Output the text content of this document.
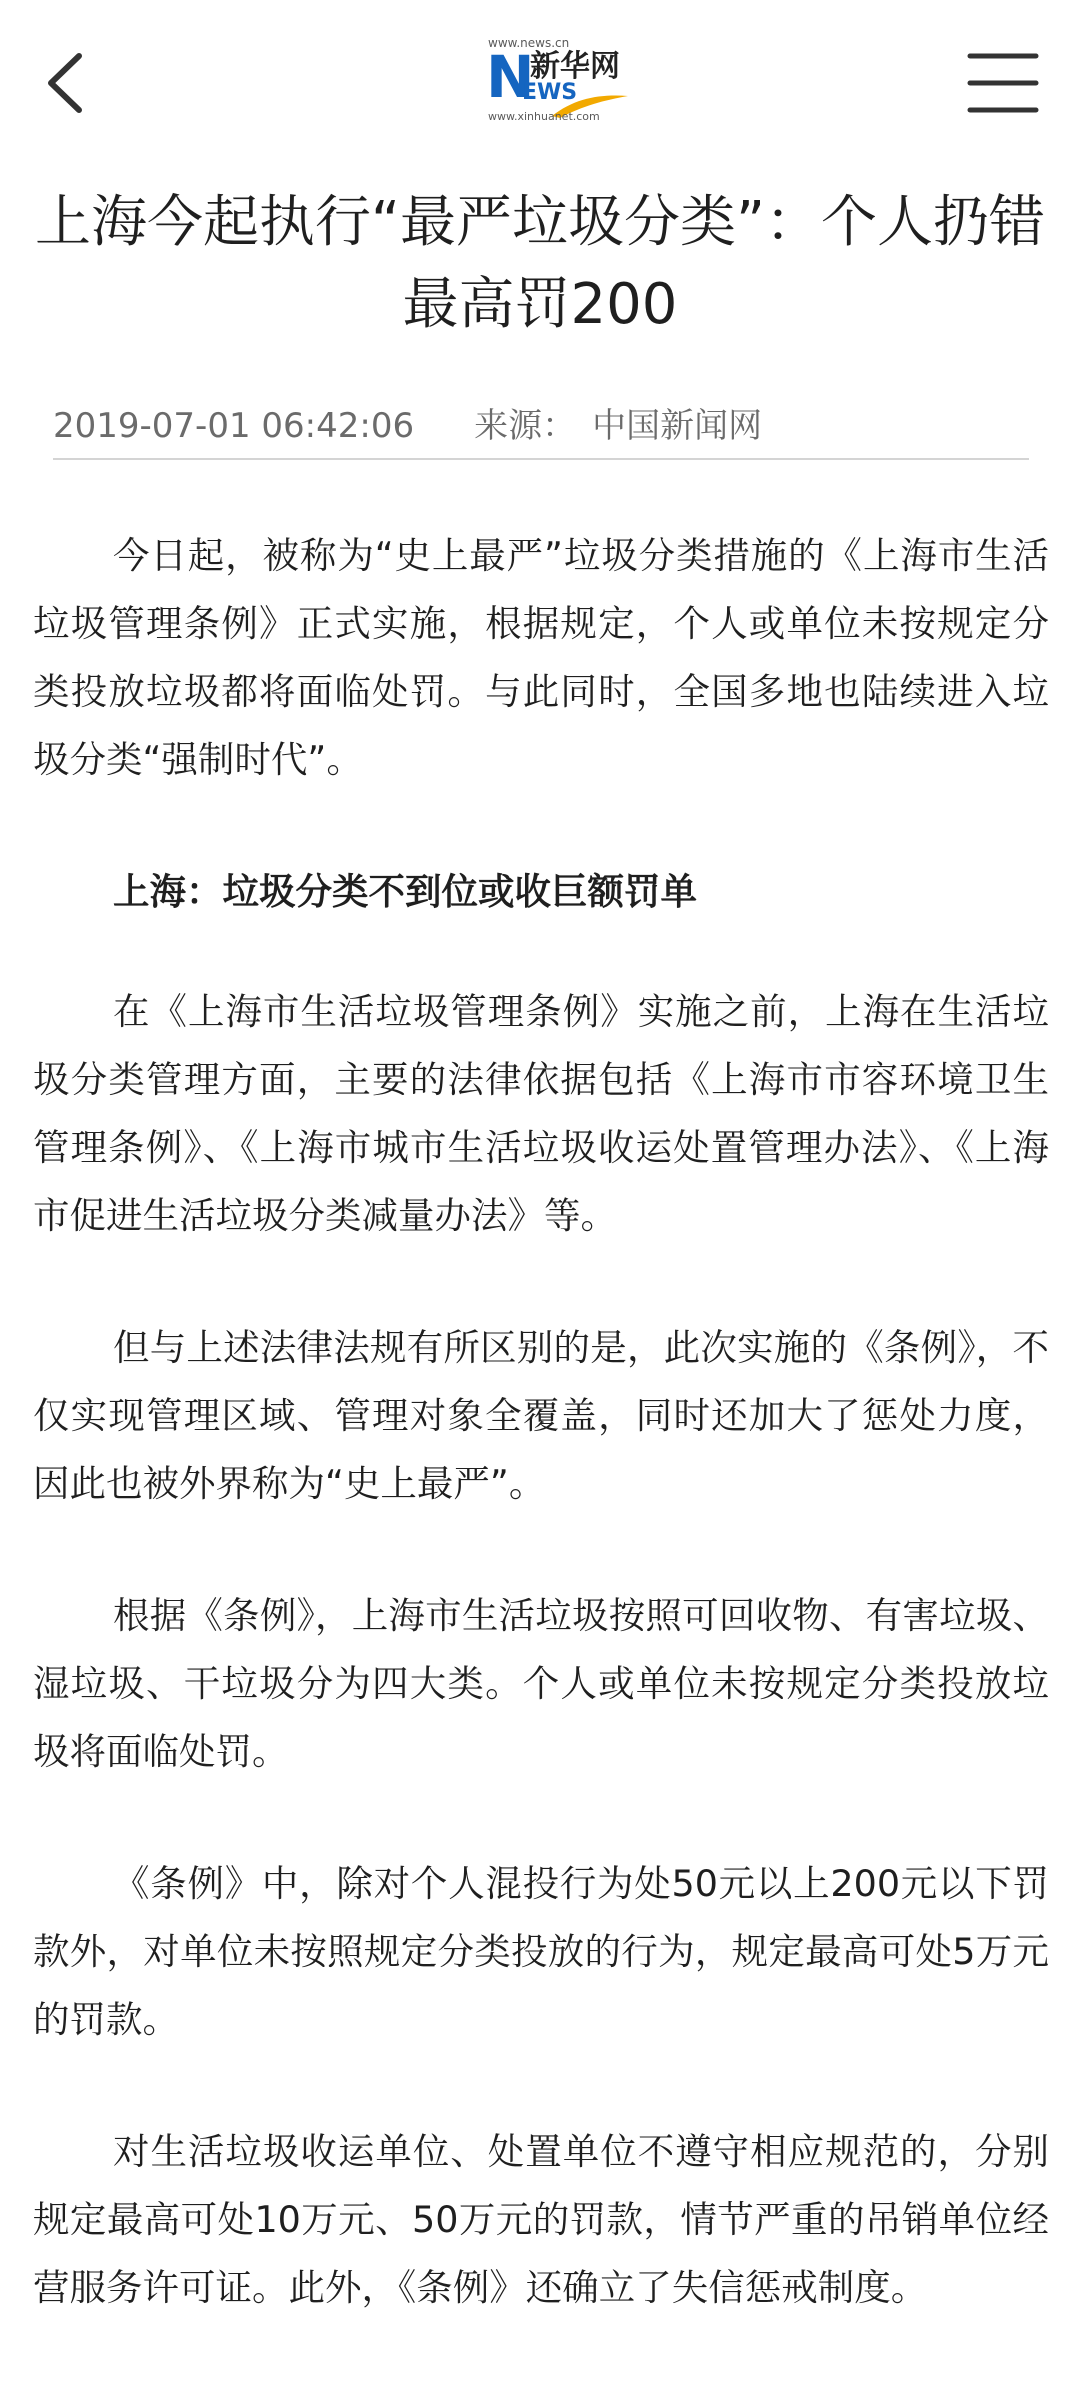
www.news.cn
N
新华网
EWS
www.xinhuanet.com
上海今起执行“最严垃圾分类”：个人扔错最高罚200
2019-07-01 06:42:06 来源： 中国新闻网

今日起，被称为“史上最严”垃圾分类措施的《上海市生活垃圾管理条例》正式实施，根据规定，个人或单位未按规定分类投放垃圾都将面临处罚。与此同时，全国多地也陆续进入垃圾分类“强制时代”。

上海：垃圾分类不到位或收巨额罚单

在《上海市生活垃圾管理条例》实施之前，上海在生活垃圾分类管理方面，主要的法律依据包括《上海市市容环境卫生管理条例》、《上海市城市生活垃圾收运处置管理办法》、《上海市促进生活垃圾分类减量办法》等。

但与上述法律法规有所区别的是，此次实施的《条例》，不仅实现管理区域、管理对象全覆盖，同时还加大了惩处力度，因此也被外界称为“史上最严”。

根据《条例》，上海市生活垃圾按照可回收物、有害垃圾、湿垃圾、干垃圾分为四大类。个人或单位未按规定分类投放垃圾将面临处罚。

《条例》中，除对个人混投行为处50元以上200元以下罚款外，对单位未按照规定分类投放的行为，规定最高可处5万元的罚款。

对生活垃圾收运单位、处置单位不遵守相应规范的，分别规定最高可处10万元、50万元的罚款，情节严重的吊销单位经营服务许可证。此外，《条例》还确立了失信惩戒制度。
